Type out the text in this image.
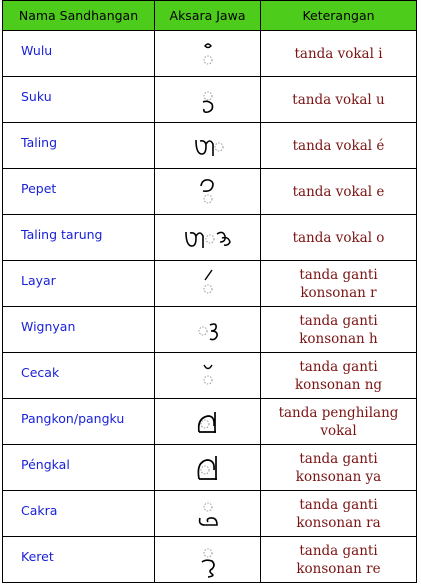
Nama Sandhangan	Aksara Jawa	Keterangan

Wulu		tanda vokal i

Suku		tanda vokal u

Taling		tanda vokal é

Pepet		tanda vokal e

Taling tarung		tanda vokal o

Layar		tanda ganti
konsonan r

Wignyan		tanda ganti
konsonan h

Cecak		tanda ganti
konsonan ng

Pangkon/pangku		tanda penghilang
vokal

Péngkal		tanda ganti
konsonan ya

Cakra		tanda ganti
konsonan ra

Keret		tanda ganti
konsonan re
